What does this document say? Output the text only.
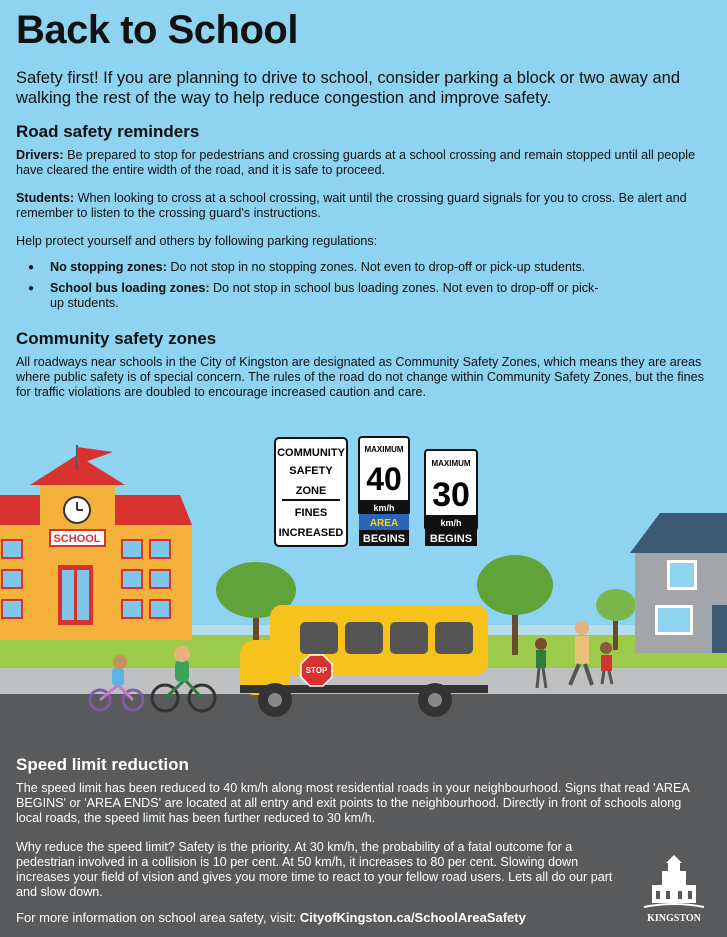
Back to School

Safety first! If you are planning to drive to school, consider parking a block or two away and walking the rest of the way to help reduce congestion and improve safety.

Road safety reminders

Drivers: Be prepared to stop for pedestrians and crossing guards at a school crossing and remain stopped until all people have cleared the entire width of the road, and it is safe to proceed.

Students: When looking to cross at a school crossing, wait until the crossing guard signals for you to cross. Be alert and remember to listen to the crossing guard's instructions.

Help protect yourself and others by following parking regulations:

● No stopping zones: Do not stop in no stopping zones. Not even to drop-off or pick-up students.
● School bus loading zones: Do not stop in school bus loading zones. Not even to drop-off or pick-up students.
Community safety zones

All roadways near schools in the City of Kingston are designated as Community Safety Zones, which means they are areas where public safety is of special concern. The rules of the road do not change within Community Safety Zones, but the fines for traffic violations are doubled to encourage increased caution and care.

SCHOOL
COMMUNITY
SAFETY
ZONE
FINES
INCREASED
MAXIMUM
40
km/h
AREA
BEGINS
MAXIMUM
30
km/h
BEGINS
STOP
Speed limit reduction

The speed limit has been reduced to 40 km/h along most residential roads in your neighbourhood. Signs that read 'AREA BEGINS' or 'AREA ENDS' are located at all entry and exit points to the neighbourhood. Directly in front of schools along local roads, the speed limit has been further reduced to 30 km/h.

Why reduce the speed limit? Safety is the priority. At 30 km/h, the probability of a fatal outcome for a pedestrian involved in a collision is 10 per cent. At 50 km/h, it increases to 80 per cent. Slowing down increases your field of vision and gives you more time to react to your fellow road users. Lets all do our part and slow down.

For more information on school area safety, visit: CityofKingston.ca/SchoolAreaSafety	KINGSTON
